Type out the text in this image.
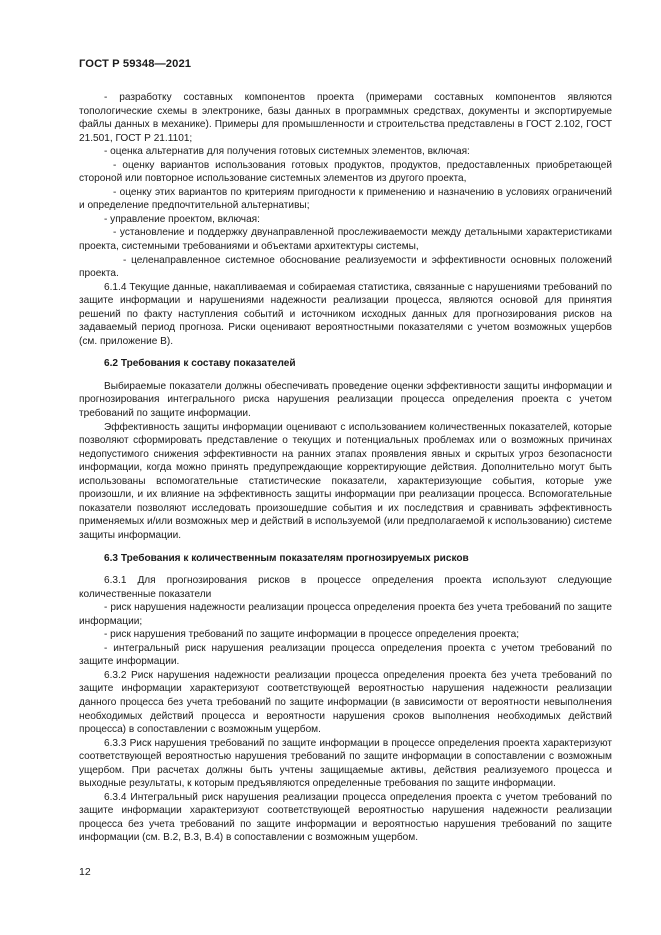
ГОСТ Р 59348—2021

- разработку составных компонентов проекта (примерами составных компонентов являются топологические схемы в электронике, базы данных в программных средствах, документы и экспортируемые файлы данных в механике). Примеры для промышленности и строительства представлены в ГОСТ 2.102, ГОСТ 21.501, ГОСТ Р 21.1101;

- оценка альтернатив для получения готовых системных элементов, включая:

- оценку вариантов использования готовых продуктов, продуктов, предоставленных приобретающей стороной или повторное использование системных элементов из другого проекта,

- оценку этих вариантов по критериям пригодности к применению и назначению в условиях ограничений и определение предпочтительной альтернативы;

- управление проектом, включая:

- установление и поддержку двунаправленной прослеживаемости между детальными характеристиками проекта, системными требованиями и объектами архитектуры системы,

- целенаправленное системное обоснование реализуемости и эффективности основных положений проекта.

6.1.4 Текущие данные, накапливаемая и собираемая статистика, связанные с нарушениями требований по защите информации и нарушениями надежности реализации процесса, являются основой для принятия решений по факту наступления событий и источником исходных данных для прогнозирования рисков на задаваемый период прогноза. Риски оценивают вероятностными показателями с учетом возможных ущербов (см. приложение В).

6.2 Требования к составу показателей

Выбираемые показатели должны обеспечивать проведение оценки эффективности защиты информации и прогнозирования интегрального риска нарушения реализации процесса определения проекта с учетом требований по защите информации.

Эффективность защиты информации оценивают с использованием количественных показателей, которые позволяют сформировать представление о текущих и потенциальных проблемах или о возможных причинах недопустимого снижения эффективности на ранних этапах проявления явных и скрытых угроз безопасности информации, когда можно принять предупреждающие корректирующие действия. Дополнительно могут быть использованы вспомогательные статистические показатели, характеризующие события, которые уже произошли, и их влияние на эффективность защиты информации при реализации процесса. Вспомогательные показатели позволяют исследовать произошедшие события и их последствия и сравнивать эффективность применяемых и/или возможных мер и действий в используемой (или предполагаемой к использованию) системе защиты информации.

6.3 Требования к количественным показателям прогнозируемых рисков

6.3.1 Для прогнозирования рисков в процессе определения проекта используют следующие количественные показатели

- риск нарушения надежности реализации процесса определения проекта без учета требований по защите информации;

- риск нарушения требований по защите информации в процессе определения проекта;

- интегральный риск нарушения реализации процесса определения проекта с учетом требований по защите информации.

6.3.2 Риск нарушения надежности реализации процесса определения проекта без учета требований по защите информации характеризуют соответствующей вероятностью нарушения надежности реализации данного процесса без учета требований по защите информации (в зависимости от вероятности невыполнения необходимых действий процесса и вероятности нарушения сроков выполнения необходимых действий процесса) в сопоставлении с возможным ущербом.

6.3.3 Риск нарушения требований по защите информации в процессе определения проекта характеризуют соответствующей вероятностью нарушения требований по защите информации в сопоставлении с возможным ущербом. При расчетах должны быть учтены защищаемые активы, действия реализуемого процесса и выходные результаты, к которым предъявляются определенные требования по защите информации.

6.3.4 Интегральный риск нарушения реализации процесса определения проекта с учетом требований по защите информации характеризуют соответствующей вероятностью нарушения надежности реализации процесса без учета требований по защите информации и вероятностью нарушения требований по защите информации (см. В.2, В.3, В.4) в сопоставлении с возможным ущербом.

12
